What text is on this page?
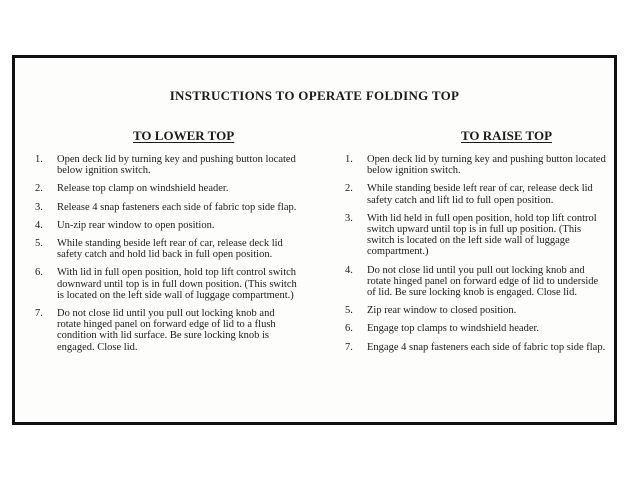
INSTRUCTIONS TO OPERATE FOLDING TOP
TO LOWER TOP
1.	Open deck lid by turning key and pushing button located below ignition switch.
2.	Release top clamp on windshield header.
3.	Release 4 snap fasteners each side of fabric top side flap.
4.	Un-zip rear window to open position.
5.	While standing beside left rear of car, release deck lid safety catch and hold lid back in full open position.
6.	With lid in full open position, hold top lift control switch downward until top is in full down position. (This switch is located on the left side wall of luggage compartment.)
7.	Do not close lid until you pull out locking knob and rotate hinged panel on forward edge of lid to a flush condition with lid surface. Be sure locking knob is engaged. Close lid.
TO RAISE TOP
1.	Open deck lid by turning key and pushing button located below ignition switch.
2.	While standing beside left rear of car, release deck lid safety catch and lift lid to full open position.
3.	With lid held in full open position, hold top lift control switch upward until top is in full up position. (This switch is located on the left side wall of luggage compartment.)
4.	Do not close lid until you pull out locking knob and rotate hinged panel on forward edge of lid to underside of lid. Be sure locking knob is engaged. Close lid.
5.	Zip rear window to closed position.
6.	Engage top clamps to windshield header.
7.	Engage 4 snap fasteners each side of fabric top side flap.
